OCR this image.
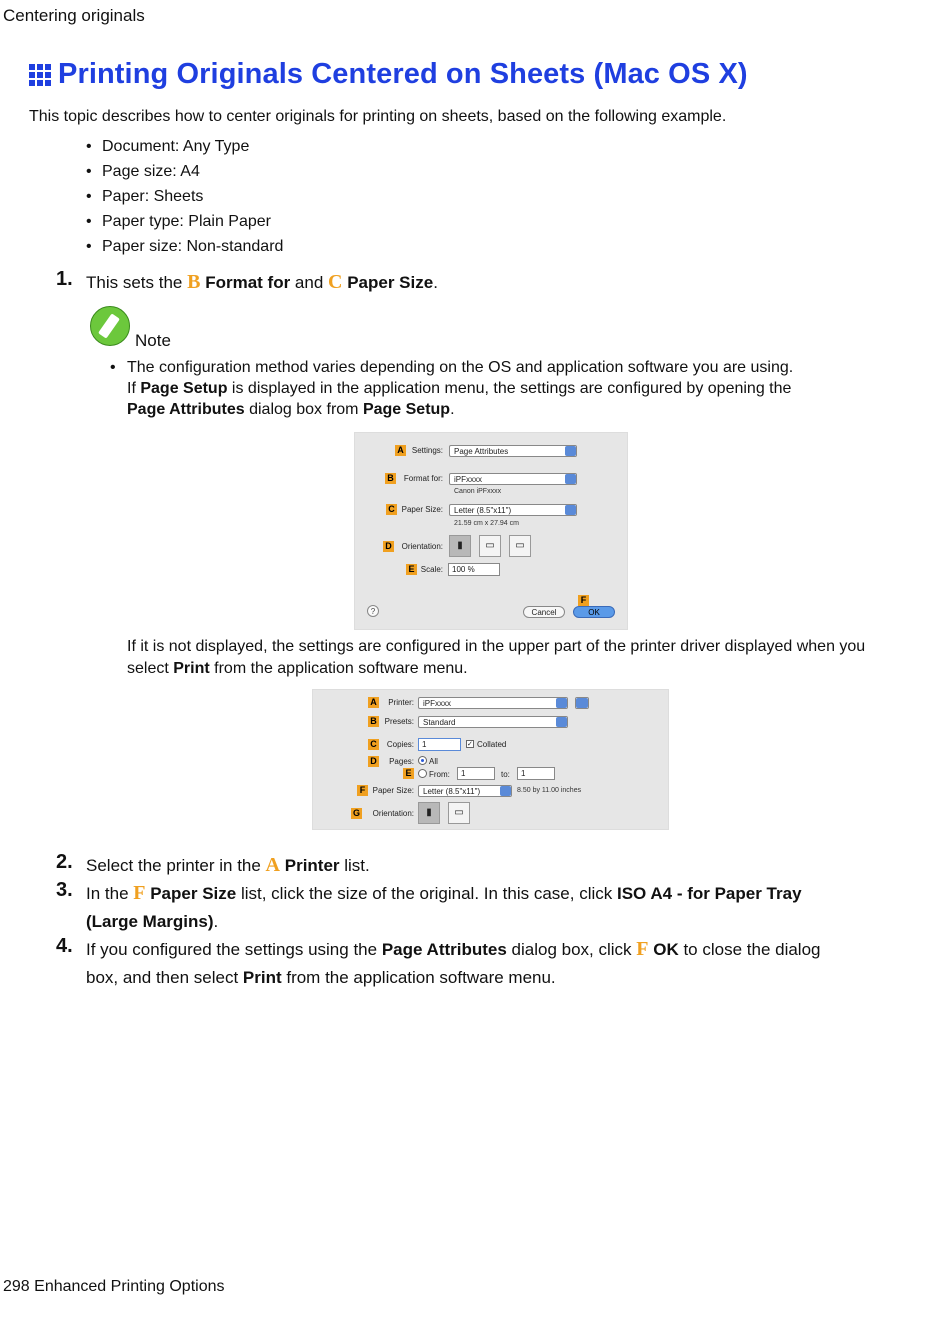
Centering originals
Printing Originals Centered on Sheets (Mac OS X)
This topic describes how to center originals for printing on sheets, based on the following example.
• Document: Any Type
• Page size: A4
• Paper: Sheets
• Paper type: Plain Paper
• Paper size: Non-standard
1. This sets the B Format for and C Paper Size.
Note
• The configuration method varies depending on the OS and application software you are using.
If Page Setup is displayed in the application menu, the settings are configured by opening the
Page Attributes dialog box from Page Setup.
A	Settings:	Page Attributes
B	Format for:	iPFxxxx
Canon iPFxxxx
C Paper Size:	Letter (8.5"x11")
21.59 cm x 27.94 cm
D	Orientation:	▮	▭	▭
E Scale:	100 %
?
F
Cancel	OK
If it is not displayed, the settings are configured in the upper part of the printer driver displayed when you select Print from the application software menu.
A	Printer:	iPFxxxx
B Presets:	Standard
C	Copies:	1	✓ Collated
D	Pages: All
E	From:	1	to:	1
F Paper Size:	Letter (8.5"x11")	8.50 by 11.00 inches
G	Orientation:	▮	▭
2. Select the printer in the A Printer list.
3. In the F Paper Size list, click the size of the original. In this case, click ISO A4 - for Paper Tray (Large Margins).
4. If you configured the settings using the Page Attributes dialog box, click F OK to close the dialog box, and then select Print from the application software menu.
298 Enhanced Printing Options
